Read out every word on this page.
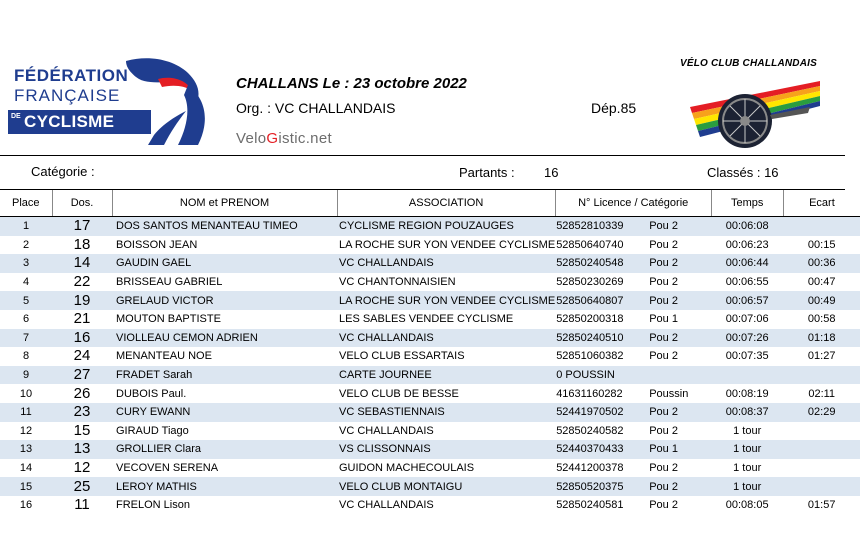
FÉDÉRATION
FRANÇAISE
DE CYCLISME
CHALLANS Le : 23 octobre 2022
Org. : VC CHALLANDAIS	Dép.85
VeloGistic.net
VÉLO CLUB CHALLANDAIS
Catégorie :	Partants : 16	Classés : 16
Place	Dos.	NOM et PRENOM	ASSOCIATION	N° Licence / Catégorie		Temps	Ecart
1	17	DOS SANTOS MENANTEAU TIMEO	CYCLISME REGION POUZAUGES	52852810339	Pou 2	00:06:08	
2	18	BOISSON JEAN	LA ROCHE SUR YON VENDEE CYCLISME	52850640740	Pou 2	00:06:23	00:15
3	14	GAUDIN GAEL	VC CHALLANDAIS	52850240548	Pou 2	00:06:44	00:36
4	22	BRISSEAU GABRIEL	VC CHANTONNAISIEN	52850230269	Pou 2	00:06:55	00:47
5	19	GRELAUD VICTOR	LA ROCHE SUR YON VENDEE CYCLISME	52850640807	Pou 2	00:06:57	00:49
6	21	MOUTON BAPTISTE	LES SABLES VENDEE CYCLISME	52850200318	Pou 1	00:07:06	00:58
7	16	VIOLLEAU CEMON ADRIEN	VC CHALLANDAIS	52850240510	Pou 2	00:07:26	01:18
8	24	MENANTEAU NOE	VELO CLUB ESSARTAIS	52851060382	Pou 2	00:07:35	01:27
9	27	FRADET Sarah	CARTE JOURNEE	0 POUSSIN			
10	26	DUBOIS Paul.	VELO CLUB DE BESSE	41631160282	Poussin	00:08:19	02:11
11	23	CURY EWANN	VC SEBASTIENNAIS	52441970502	Pou 2	00:08:37	02:29
12	15	GIRAUD Tiago	VC CHALLANDAIS	52850240582	Pou 2	1 tour	
13	13	GROLLIER Clara	VS CLISSONNAIS	52440370433	Pou 1	1 tour	
14	12	VECOVEN SERENA	GUIDON MACHECOULAIS	52441200378	Pou 2	1 tour	
15	25	LEROY MATHIS	VELO CLUB MONTAIGU	52850520375	Pou 2	1 tour	
16	11	FRELON Lison	VC CHALLANDAIS	52850240581	Pou 2	00:08:05	01:57
